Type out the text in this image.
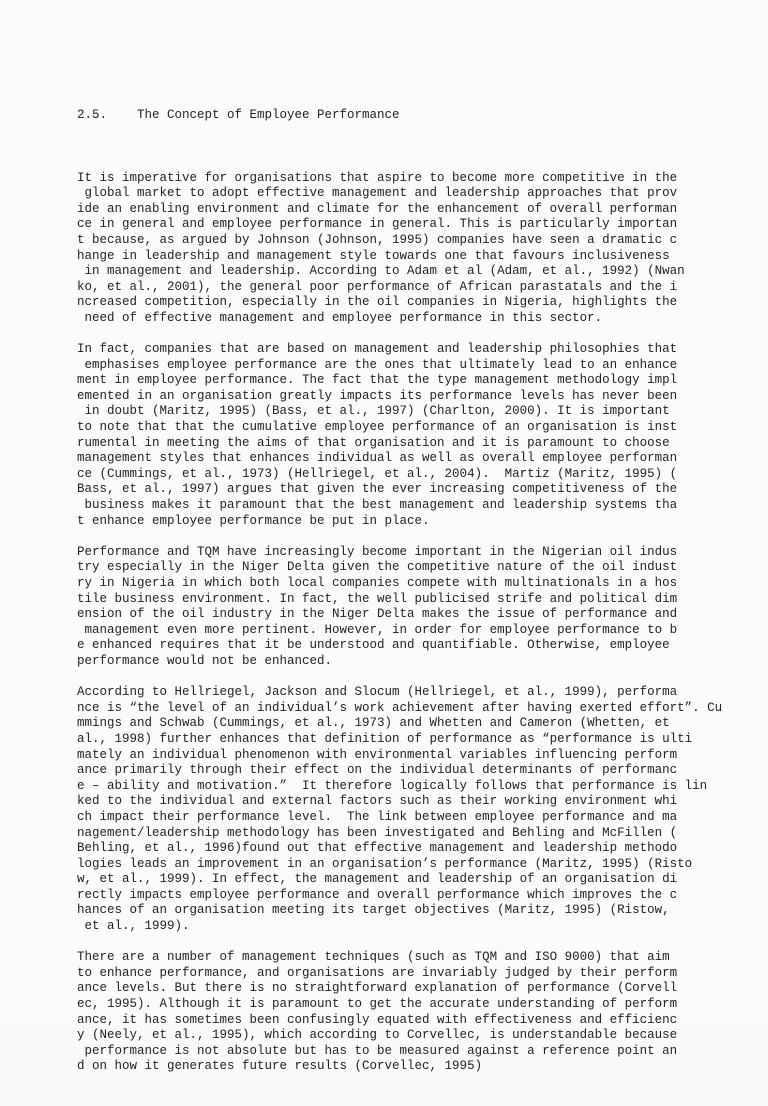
2.5.    The Concept of Employee Performance

It is imperative for organisations that aspire to become more competitive in the
global market to adopt effective management and leadership approaches that prov
ide an enabling environment and climate for the enhancement of overall performan
ce in general and employee performance in general. This is particularly importan
t because, as argued by Johnson (Johnson, 1995) companies have seen a dramatic c
hange in leadership and management style towards one that favours inclusiveness
in management and leadership. According to Adam et al (Adam, et al., 1992) (Nwan
ko, et al., 2001), the general poor performance of African parastatals and the i
ncreased competition, especially in the oil companies in Nigeria, highlights the
need of effective management and employee performance in this sector.
In fact, companies that are based on management and leadership philosophies that
emphasises employee performance are the ones that ultimately lead to an enhance
ment in employee performance. The fact that the type management methodology impl
emented in an organisation greatly impacts its performance levels has never been
in doubt (Maritz, 1995) (Bass, et al., 1997) (Charlton, 2000). It is important
to note that that the cumulative employee performance of an organisation is inst
rumental in meeting the aims of that organisation and it is paramount to choose
management styles that enhances individual as well as overall employee performan
ce (Cummings, et al., 1973) (Hellriegel, et al., 2004).  Martiz (Maritz, 1995) (
Bass, et al., 1997) argues that given the ever increasing competitiveness of the
business makes it paramount that the best management and leadership systems tha
t enhance employee performance be put in place.
Performance and TQM have increasingly become important in the Nigerian oil indus
try especially in the Niger Delta given the competitive nature of the oil indust
ry in Nigeria in which both local companies compete with multinationals in a hos
tile business environment. In fact, the well publicised strife and political dim
ension of the oil industry in the Niger Delta makes the issue of performance and
management even more pertinent. However, in order for employee performance to b
e enhanced requires that it be understood and quantifiable. Otherwise, employee
performance would not be enhanced.
According to Hellriegel, Jackson and Slocum (Hellriegel, et al., 1999), performa
nce is “the level of an individual’s work achievement after having exerted effort”. Cu
mmings and Schwab (Cummings, et al., 1973) and Whetten and Cameron (Whetten, et
al., 1998) further enhances that definition of performance as “performance is ulti
mately an individual phenomenon with environmental variables influencing perform
ance primarily through their effect on the individual determinants of performanc
e – ability and motivation.”  It therefore logically follows that performance is lin
ked to the individual and external factors such as their working environment whi
ch impact their performance level.  The link between employee performance and ma
nagement/leadership methodology has been investigated and Behling and McFillen (
Behling, et al., 1996)found out that effective management and leadership methodo
logies leads an improvement in an organisation’s performance (Maritz, 1995) (Risto
w, et al., 1999). In effect, the management and leadership of an organisation di
rectly impacts employee performance and overall performance which improves the c
hances of an organisation meeting its target objectives (Maritz, 1995) (Ristow,
et al., 1999).
There are a number of management techniques (such as TQM and ISO 9000) that aim
to enhance performance, and organisations are invariably judged by their perform
ance levels. But there is no straightforward explanation of performance (Corvell
ec, 1995). Although it is paramount to get the accurate understanding of perform
ance, it has sometimes been confusingly equated with effectiveness and efficienc
y (Neely, et al., 1995), which according to Corvellec, is understandable because
performance is not absolute but has to be measured against a reference point an
d on how it generates future results (Corvellec, 1995)
